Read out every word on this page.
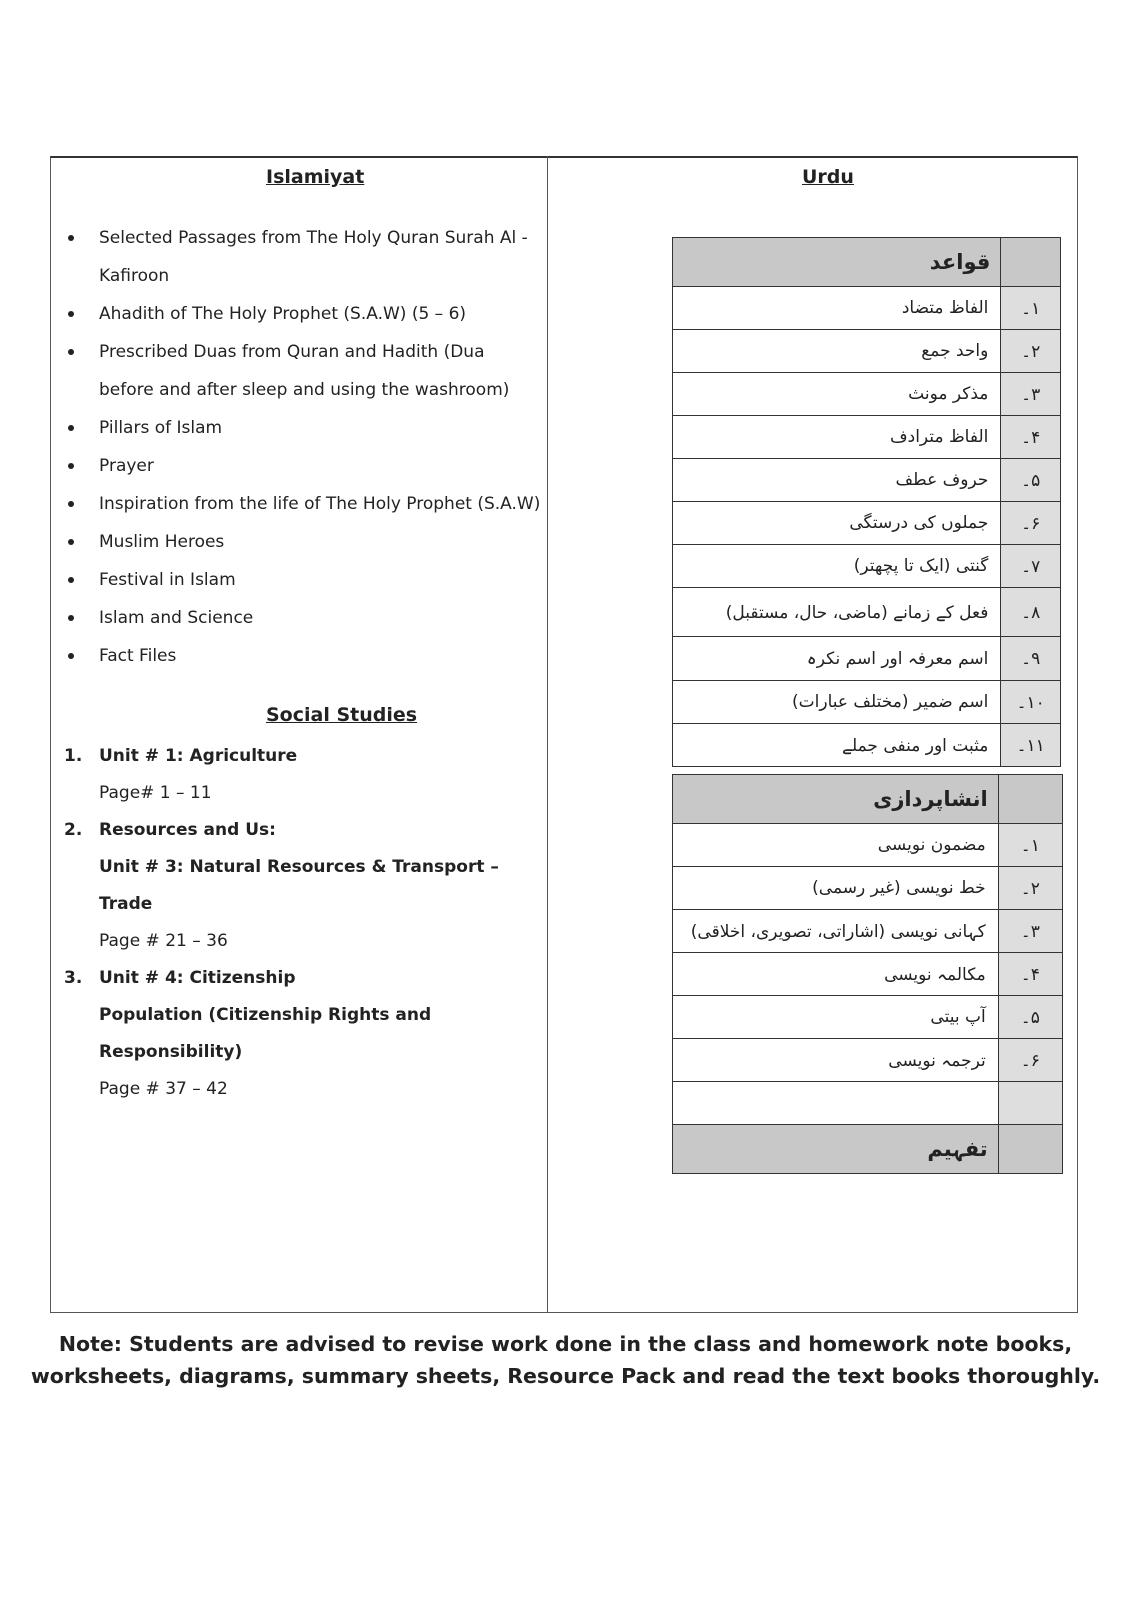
Islamiyat
Selected Passages from The Holy Quran Surah Al - Kafiroon
Ahadith of The Holy Prophet (S.A.W) (5 – 6)
Prescribed Duas from Quran and Hadith (Dua before and after sleep and using the washroom)
Pillars of Islam
Prayer
Inspiration from the life of The Holy Prophet (S.A.W)
Muslim Heroes
Festival in Islam
Islam and Science
Fact Files
Social Studies
1. Unit # 1: Agriculture
Page# 1 – 11
2. Resources and Us:
Unit # 3: Natural Resources & Transport – Trade
Page # 21 – 36
3. Unit # 4: Citizenship
Population (Citizenship Rights and Responsibility)
Page # 37 – 42
Urdu
قواعد	
الفاظ متضاد	۱۔
واحد جمع	۲۔
مذکر مونث	۳۔
الفاظ مترادف	۴۔
حروف عطف	۵۔
جملوں کی درستگی	۶۔
گنتی (ایک تا پچھتر)	۷۔
فعل کے زمانے (ماضی، حال، مستقبل)	۸۔
اسم معرفہ اور اسم نکرہ	۹۔
اسم ضمیر (مختلف عبارات)	۱۰۔
مثبت اور منفی جملے	۱۱۔
انشاپردازی	
مضمون نویسی	۱۔
خط نویسی (غیر رسمی)	۲۔
کہانی نویسی (اشاراتی، تصویری، اخلاقی)	۳۔
مکالمہ نویسی	۴۔
آپ بیتی	۵۔
ترجمہ نویسی	۶۔

تفہیم	
Note: Students are advised to revise work done in the class and homework note books,
worksheets, diagrams, summary sheets, Resource Pack and read the text books thoroughly.
